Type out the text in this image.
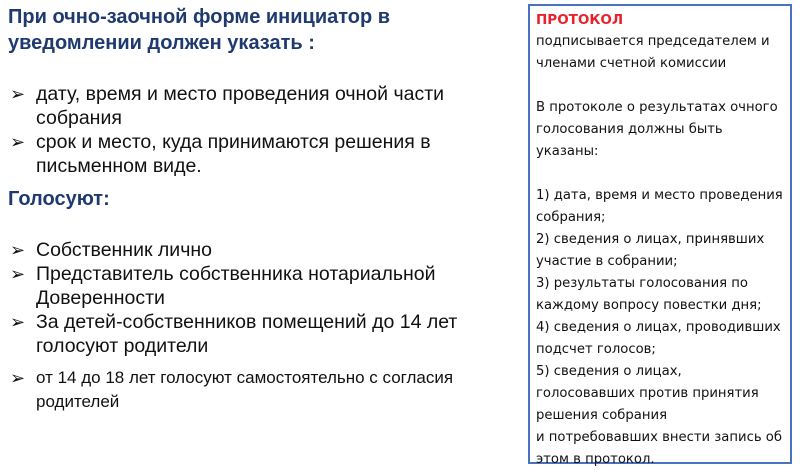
При очно-заочной форме инициатор в уведомлении должен указать :

➢ дату, время и место проведения очной части собрания
➢ срок и место, куда принимаются решения в письменном виде.

Голосуют:

➢ Собственник лично
➢ Представитель собственника нотариальной Доверенности
➢ За детей-собственников помещений до 14 лет голосуют родители
➢ от 14 до 18 лет голосуют самостоятельно с согласия родителей

ПРОТОКОЛ

подписывается председателем и членами счетной комиссии

В протоколе о результатах очного голосования должны быть указаны:

1) дата, время и место проведения собрания;

2) сведения о лицах, принявших участие в собрании;

3) результаты голосования по каждому вопросу повестки дня;

4) сведения о лицах, проводивших подсчет голосов;

5) сведения о лицах, голосовавших против принятия решения собрания

и потребовавших внести запись об этом в протокол.
